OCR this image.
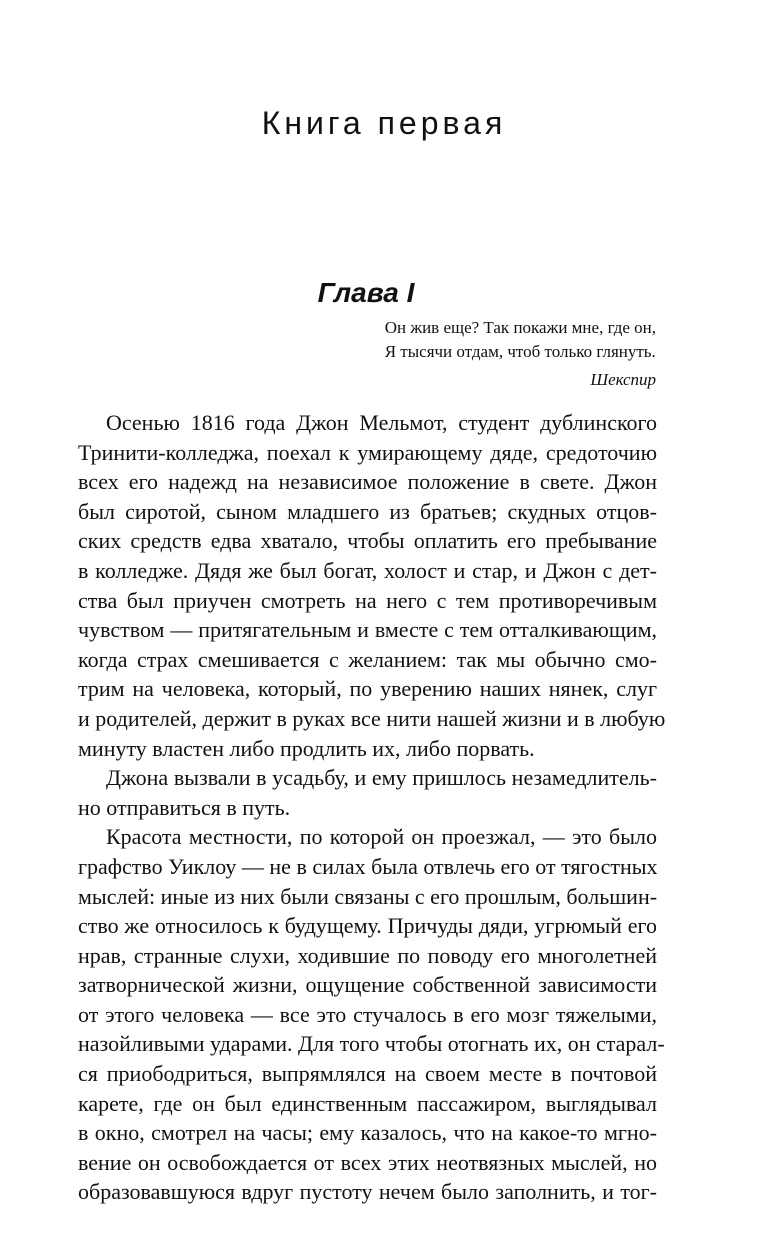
Книга первая
Глава I
Он жив еще? Так покажи мне, где он,
Я тысячи отдам, чтоб только глянуть.
Шекспир
Осенью 1816 года Джон Мельмот, студент дублинского
Тринити-колледжа, поехал к умирающему дяде, средоточию
всех его надежд на независимое положение в свете. Джон
был сиротой, сыном младшего из братьев; скудных отцов-
ских средств едва хватало, чтобы оплатить его пребывание
в колледже. Дядя же был богат, холост и стар, и Джон с дет-
ства был приучен смотреть на него с тем противоречивым
чувством — притягательным и вместе с тем отталкивающим,
когда страх смешивается с желанием: так мы обычно смо-
трим на человека, который, по уверению наших нянек, слуг
и родителей, держит в руках все нити нашей жизни и в любую
минуту властен либо продлить их, либо порвать.
Джона вызвали в усадьбу, и ему пришлось незамедлитель-
но отправиться в путь.
Красота местности, по которой он проезжал, — это было
графство Уиклоу — не в силах была отвлечь его от тягостных
мыслей: иные из них были связаны с его прошлым, большин-
ство же относилось к будущему. Причуды дяди, угрюмый его
нрав, странные слухи, ходившие по поводу его многолетней
затворнической жизни, ощущение собственной зависимости
от этого человека — все это стучалось в его мозг тяжелыми,
назойливыми ударами. Для того чтобы отогнать их, он старал-
ся приободриться, выпрямлялся на своем месте в почтовой
карете, где он был единственным пассажиром, выглядывал
в окно, смотрел на часы; ему казалось, что на какое-то мгно-
вение он освобождается от всех этих неотвязных мыслей, но
образовавшуюся вдруг пустоту нечем было заполнить, и тог-
